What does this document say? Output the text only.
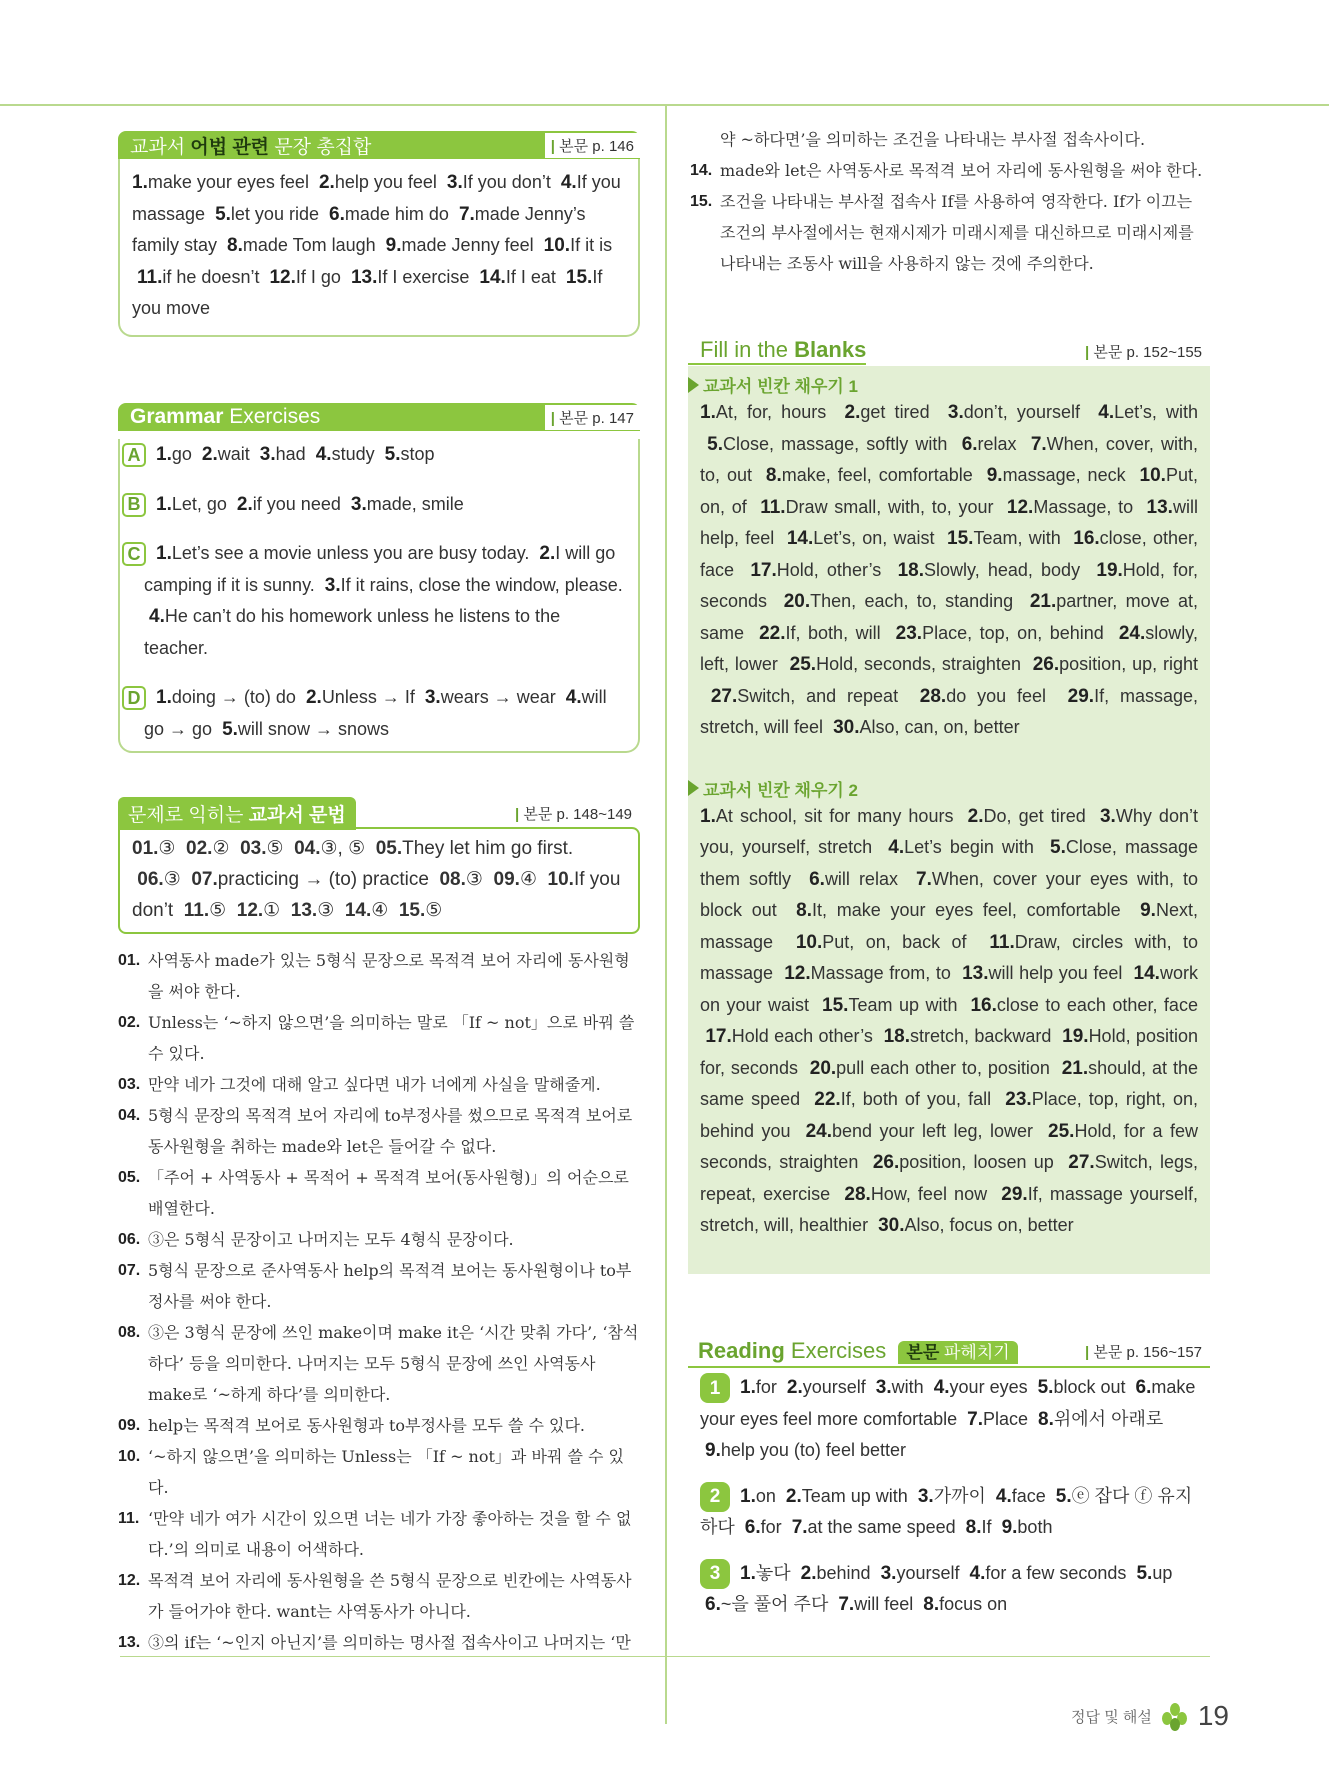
교과서 어법 관련 문장 총집합	| 본문 p. 146
1.make your eyes feel 2.help you feel 3.If you don’t 4.If you massage 5.let you ride 6.made him do 7.made Jenny’s family stay 8.made Tom laugh 9.made Jenny feel 10.If it is  11.if he doesn’t 12.If I go 13.If I exercise 14.If I eat 15.If you move
Grammar Exercises	| 본문 p. 147
A 1.go 2.wait 3.had 4.study 5.stop
B 1.Let, go 2.if you need 3.made, smile
C 1.Let’s see a movie unless you are busy today. 2.I will go camping if it is sunny. 3.If it rains, close the window, please.  4.He can’t do his homework unless he listens to the teacher.
D 1.doing → (to) do 2.Unless → If 3.wears → wear 4.will go → go 5.will snow → snows
문제로 익히는 교과서 문법	| 본문 p. 148~149
01.③ 02.② 03.⑤ 04.③, ⑤ 05.They let him go first.  06.③ 07.practicing → (to) practice 08.③ 09.④ 10.If you don’t 11.⑤ 12.① 13.③ 14.④ 15.⑤
01. 사역동사 made가 있는 5형식 문장으로 목적격 보어 자리에 동사원형을 써야 한다.
02. Unless는 ‘~하지 않으면’을 의미하는 말로 「If ~ not」으로 바꿔 쓸 수 있다.
03. 만약 네가 그것에 대해 알고 싶다면 내가 너에게 사실을 말해줄게.
04. 5형식 문장의 목적격 보어 자리에 to부정사를 썼으므로 목적격 보어로 동사원형을 취하는 made와 let은 들어갈 수 없다.
05. 「주어 + 사역동사 + 목적어 + 목적격 보어(동사원형)」의 어순으로 배열한다.
06. ③은 5형식 문장이고 나머지는 모두 4형식 문장이다.
07. 5형식 문장으로 준사역동사 help의 목적격 보어는 동사원형이나 to부정사를 써야 한다.
08. ③은 3형식 문장에 쓰인 make이며 make it은 ‘시간 맞춰 가다’, ‘참석하다’ 등을 의미한다. 나머지는 모두 5형식 문장에 쓰인 사역동사 make로 ‘~하게 하다’를 의미한다.
09. help는 목적격 보어로 동사원형과 to부정사를 모두 쓸 수 있다.
10. ‘~하지 않으면’을 의미하는 Unless는 「If ~ not」과 바꿔 쓸 수 있다.
11. ‘만약 네가 여가 시간이 있으면 너는 네가 가장 좋아하는 것을 할 수 없다.’의 의미로 내용이 어색하다.
12. 목적격 보어 자리에 동사원형을 쓴 5형식 문장으로 빈칸에는 사역동사가 들어가야 한다. want는 사역동사가 아니다.
13. ③의 if는 ‘~인지 아닌지’를 의미하는 명사절 접속사이고 나머지는 ‘만
약 ~하다면’을 의미하는 조건을 나타내는 부사절 접속사이다.
14. made와 let은 사역동사로 목적격 보어 자리에 동사원형을 써야 한다.
15. 조건을 나타내는 부사절 접속사 If를 사용하여 영작한다. If가 이끄는 조건의 부사절에서는 현재시제가 미래시제를 대신하므로 미래시제를 나타내는 조동사 will을 사용하지 않는 것에 주의한다.
Fill in the Blanks	| 본문 p. 152~155
교과서 빈칸 채우기 1
1.At, for, hours 2.get tired 3.don’t, yourself 4.Let’s, with  5.Close, massage, softly with 6.relax 7.When, cover, with, to, out 8.make, feel, comfortable 9.massage, neck 10.Put, on, of 11.Draw small, with, to, your 12.Massage, to 13.will help, feel 14.Let’s, on, waist 15.Team, with 16.close, other, face 17.Hold, other’s 18.Slowly, head, body 19.Hold, for, seconds 20.Then, each, to, standing 21.partner, move at, same 22.If, both, will 23.Place, top, on, behind 24.slowly, left, lower 25.Hold, seconds, straighten 26.position, up, right  27.Switch, and repeat 28.do you feel 29.If, massage, stretch, will feel 30.Also, can, on, better
교과서 빈칸 채우기 2
1.At school, sit for many hours 2.Do, get tired 3.Why don’t you, yourself, stretch 4.Let’s begin with 5.Close, massage them softly 6.will relax 7.When, cover your eyes with, to block out 8.It, make your eyes feel, comfortable 9.Next, massage 10.Put, on, back of 11.Draw, circles with, to massage 12.Massage from, to 13.will help you feel 14.work on your waist 15.Team up with 16.close to each other, face  17.Hold each other’s 18.stretch, backward 19.Hold, position for, seconds 20.pull each other to, position 21.should, at the same speed 22.If, both of you, fall 23.Place, top, right, on, behind you 24.bend your left leg, lower 25.Hold, for a few seconds, straighten 26.position, loosen up 27.Switch, legs, repeat, exercise 28.How, feel now 29.If, massage yourself, stretch, will, healthier 30.Also, focus on, better
Reading Exercises 본문 파헤치기	| 본문 p. 156~157
1 1.for 2.yourself 3.with 4.your eyes 5.block out 6.make your eyes feel more comfortable 7.Place 8.위에서 아래로  9.help you (to) feel better
2 1.on 2.Team up with 3.가까이 4.face 5.ⓔ 잡다 ⓕ 유지하다 6.for 7.at the same speed 8.If 9.both
3 1.놓다 2.behind 3.yourself 4.for a few seconds 5.up  6.~을 풀어 주다 7.will feel 8.focus on
정답 및 해설 19
